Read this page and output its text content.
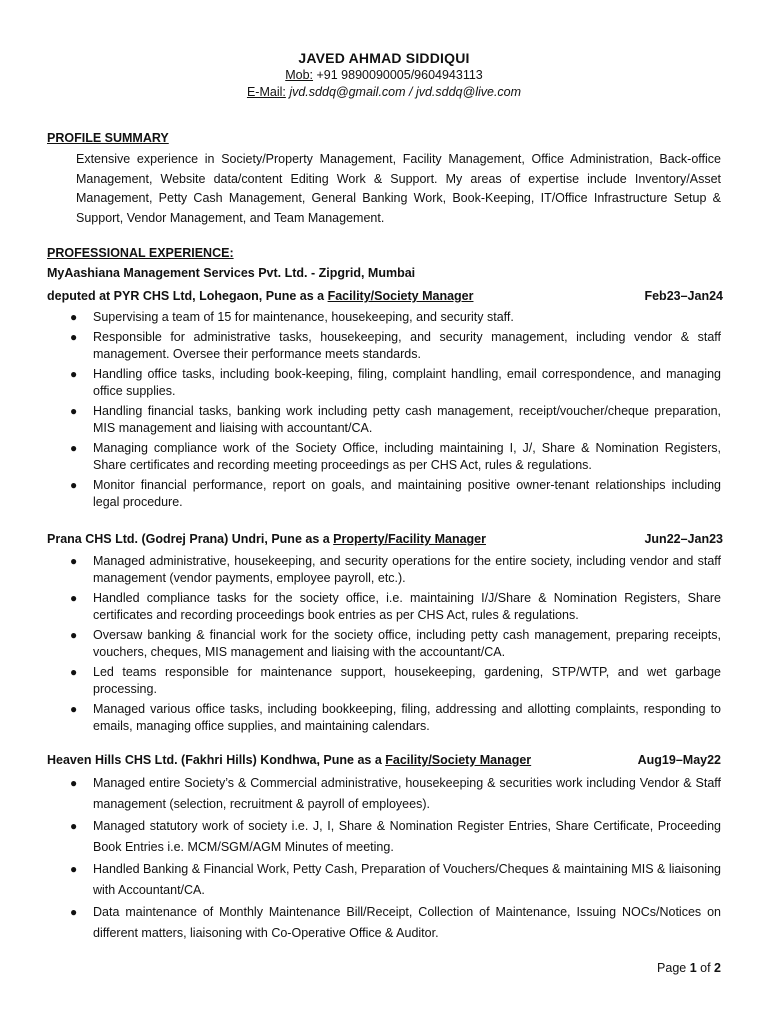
JAVED AHMAD SIDDIQUI
Mob: +91 9890090005/9604943113
E-Mail: jvd.sddq@gmail.com / jvd.sddq@live.com
PROFILE SUMMARY
Extensive experience in Society/Property Management, Facility Management, Office Administration, Back-office Management, Website data/content Editing Work & Support. My areas of expertise include Inventory/Asset Management, Petty Cash Management, General Banking Work, Book-Keeping, IT/Office Infrastructure Setup & Support, Vendor Management, and Team Management.
PROFESSIONAL EXPERIENCE:
MyAashiana Management Services Pvt. Ltd. - Zipgrid, Mumbai
deputed at PYR CHS Ltd, Lohegaon, Pune as a Facility/Society Manager	Feb23–Jan24
● Supervising a team of 15 for maintenance, housekeeping, and security staff.
● Responsible for administrative tasks, housekeeping, and security management, including vendor & staff management. Oversee their performance meets standards.
● Handling office tasks, including book-keeping, filing, complaint handling, email correspondence, and managing office supplies.
● Handling financial tasks, banking work including petty cash management, receipt/voucher/cheque preparation, MIS management and liaising with accountant/CA.
● Managing compliance work of the Society Office, including maintaining I, J/, Share & Nomination Registers, Share certificates and recording meeting proceedings as per CHS Act, rules & regulations.
● Monitor financial performance, report on goals, and maintaining positive owner-tenant relationships including legal procedure.
Prana CHS Ltd. (Godrej Prana) Undri, Pune as a Property/Facility Manager	Jun22–Jan23
● Managed administrative, housekeeping, and security operations for the entire society, including vendor and staff management (vendor payments, employee payroll, etc.).
● Handled compliance tasks for the society office, i.e. maintaining I/J/Share & Nomination Registers, Share certificates and recording proceedings book entries as per CHS Act, rules & regulations.
● Oversaw banking & financial work for the society office, including petty cash management, preparing receipts, vouchers, cheques, MIS management and liaising with the accountant/CA.
● Led teams responsible for maintenance support, housekeeping, gardening, STP/WTP, and wet garbage processing.
● Managed various office tasks, including bookkeeping, filing, addressing and allotting complaints, responding to emails, managing office supplies, and maintaining calendars.
Heaven Hills CHS Ltd. (Fakhri Hills) Kondhwa, Pune as a Facility/Society Manager	Aug19–May22
● Managed entire Society’s & Commercial administrative, housekeeping & securities work including Vendor & Staff management (selection, recruitment & payroll of employees).
● Managed statutory work of society i.e. J, I, Share & Nomination Register Entries, Share Certificate, Proceeding Book Entries i.e. MCM/SGM/AGM Minutes of meeting.
● Handled Banking & Financial Work, Petty Cash, Preparation of Vouchers/Cheques & maintaining MIS & liaisoning with Accountant/CA.
● Data maintenance of Monthly Maintenance Bill/Receipt, Collection of Maintenance, Issuing NOCs/Notices on different matters, liaisoning with Co-Operative Office & Auditor.
Page 1 of 2
